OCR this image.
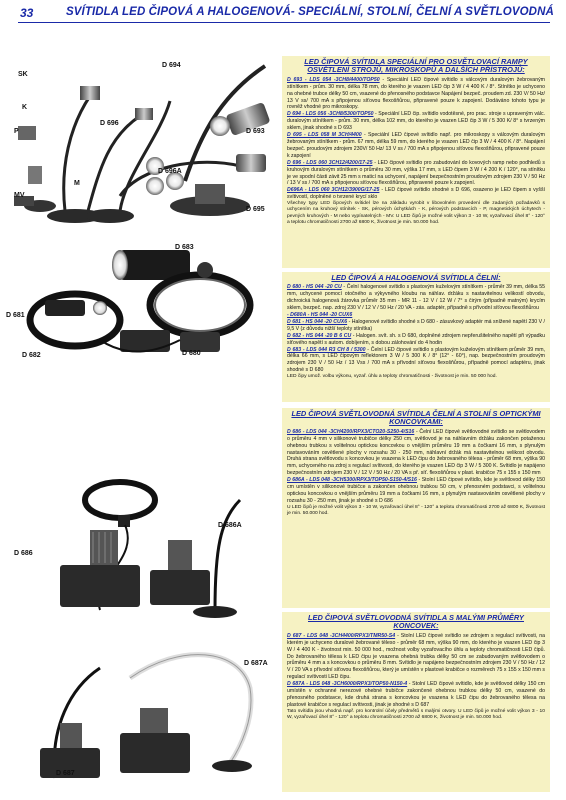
33	SVÍTIDLA LED ČIPOVÁ A HALOGENOVÁ- SPECIÁLNÍ, STOLNÍ, ČELNÍ A SVĚTLOVODNÁ
SK
D 694
K
D 696
P	D 693
D 696A
M
MV
D 695
D 683
D 681
D 682	D 680
D 686A
D 686
D 687A
D 687
LED ČIPOVÁ SVÍTIDLA SPECIÁLNÍ PRO OSVĚTLOVACÍ RAMPY OSVĚTLENÍ STROJŮ, MIKROSKOPŮ A DALŠÍCH PŘÍSTROJŮ:

D 693 - LDS 054 -3CH8/4400/TOP50 - Speciální LED čipové svítidlo s válcovým duralovým žebrovaným stínítkem - prům. 30 mm, délka 78 mm, do kterého je vsazen LED čip 3 W / 4 400 K / 8°. Stínítko je uchyceno na ohebné trubce délky 50 cm, vsazené do přenosného podstavce Napájení bezpeč. proudem zd. 230 V/ 50 Hz/ 13 V ss/ 700 mA s připojenou síťovou flexošňůrou, připravené pouze k zapojení. Dodáváno tohoto typu je rovněž vhodné pro mikroskopy.

D 694 - LDS 056 -3CH8/5300/TOP50 - Speciální LED čip. svítidlo vodotěsné, pro prac. stroje s upraveným válc. duralovým stínítkem - prům. 30 mm, délka 102 mm, do kterého je vsazen LED čip 3 W / 5 300 K/ 8° s tvrzeným sklem, jinak shodné s D 693

D 695 - LDS 058 M 3CH/4400 - Speciální LED čipové svítidlo např. pro mikroskopy s válcovým duralovým žebrovaným stínítkem - prům. 67 mm, délka 59 mm, do kterého je vsazen LED čip 3 W / 4 400 K / 8°. Napájení bezpeč. proudovým zdrojem 230V/ 50 Hz/ 13 V ss / 700 mA s připojenou síťovou flexošňůrou, připravené pouze k zapojení

D 696 - LDS 060 3CH12/4200/17-25 - LED čipové svítidlo pro zabudování do kovových ramp nebo podhledů s kruhovým duralovým stínítkem o průměru 30 mm, výška 17 mm, s LED čipem 3 W / 4 200 K / 120°, na stínítku je ve spodní části závit 25 mm s maticí na uchycení, napájení bezpečnostním proudovým zdrojem 230 V / 50 Hz / 13 V ss / 700 mA s připojenou síťovou flexošňůrou, připravené pouze k zapojení.

D696A - LDS 060 3CH12/3900G/17-25 - LED čipové svítidlo shodné s D 696, osazeno je LED čipem s vyšší svítivostí, doplněné o tvrzené krycí sklo

Všechny typy LED čipových svítidel lze na základu vyrobit v libovolném provedení dle zadaných požadavků s uchycením na kruhový stínítek - SK, pérových úchytkách - K, pérových podstavcích - P, magnetických úchytech - pevných kruhových - M nebo vypínatelných - MV. U LED čipů je možné volit výkon 3 - 10 W, vyzařovací úhel 8° - 120° a teplotu chromatičnosti 2700 až 6800 K, životnost je min. 50.000 hod.

LED ČIPOVÁ A HALOGENOVÁ SVÍTIDLA ČELNÍ:

D 680 - HS 044 -20 CU - Čelní halogenové svítidlo s plastovým kuželovým stínítkem - průměr 39 mm, délka 55 mm, uchycené pomocí otočného a výkyvného kloubu na náhlav. držáku s nastavitelnou velikostí obvodu, dichroická halogenová žárovka průměr 35 mm - MR 11 - 12 V / 12 W / 7° s čirým (případně matným) krycím sklem, bezpeč. nap. zdroj 230 V / 12 V / 50 Hz / 20 VA - zás. adaptér, případně s přívodní síťovou flexošňůrou

- D680A - HS 044 -20 CUX6

D 681 - HS 044 -20 CUX6 - Halogenové svítidlo shodné s D 680 - zásuvkový adaptér má snížené napětí 230 V / 9,5 V (z důvodu nižší teploty stínítka)

D 682 - HS 044 -20 B 6 CU - Halogen. svít. sh. s D 680, doplněné zdrojem nepřerušitelného napětí při výpadku síťového napětí s autom. dobíjením, s dobou zálohování do 4 hodin

D 683 - LDS 044 R3 CH 8 / 5300 - Čelní LED čipové svítidlo s plastovým kuželovým stínítkem průměr 39 mm, délka 66 mm, s LED čipovým reflektorem 3 W / 5 300 K / 8° (12° - 60°), nap. bezpečnostním proudovým zdrojem 230 V / 50 Hz / 13 Vss / 700 mA s přívodní síťovou flexošňůrou, případně pomocí adaptéru, jinak shodné s D 680

LED čipy umož. volbu výkonu, vyzař. úhlu a teploty chromatičnosti - životnost je min. 50 000 hod.

LED ČIPOVÁ SVĚTLOVODNÁ SVÍTIDLA ČELNÍ A STOLNÍ S OPTICKÝMI KONCOVKAMI:

D 686 - LDS 044 -3CH4200/RPX3/CTO20-S250-4/S16 - Čelní LED čipové světlovodné svítidlo se světlovodem o průměru 4 mm v silikonové trubičce délky 250 cm, světlovod je na náhlavním držáku zakončen potaženou ohebnou trubkou s volitelnou optickou koncovkou o vnějším průměru 19 mm a čočkami 16 mm, s plynulým nastavováním osvětlené plochy v rozsahu 30 - 250 mm, náhlavní držák má nastavitelnou velikost obvodu. Druhá strana světlovodu s koncovkou je vsazena k LED čipu do žebrovaného tělesa - průměr 68 mm, výška 90 mm, uchyceného na zdroj s regulací svítivosti, do kterého je vsazen LED čip 3 W / 5 300 K. Svítidlo je napájeno bezpečnostním zdrojem 230 V / 12 V / 50 Hz / 20 VA s př. síť. flexošňůrou v plast. krabičce 75 x 155 x 150 mm

D 686A - LDS 048 -3CH5300/RPX3/TOP50-S150-4/S16 - Stolní LED čipové svítidlo, kde je světlovod délky 150 cm umístěn v silikonové trubičce a zakončen ohebnou trubkou 50 cm, v přenosném podstavci, s volitelnou optickou koncovkou o vnějším průměru 19 mm a čočkami 16 mm, s plynulým nastavováním osvětlené plochy v rozsahu 30 - 250 mm, jinak je shodné s D 686

U LED čipů je možné volit výkon 3 - 10 W, vyzařovací úhel 8° - 120° a teplotu chromatičnosti 2700 až 6800 K, životnost je min. 50.000 hod.

LED ČIPOVÁ SVĚTLOVODNÁ SVÍTIDLA S MALÝMI PRŮMĚRY KONCOVEK:

D 687 - LDS 048 -3CH4400/RPX3/TMR50-S4 - Stolní LED čipové svítidlo se zdrojem s regulací svítivosti, na kterém je uchyceno duralové žebrované těleso - průměr 68 mm, výška 90 mm, do kterého je vsazen LED čip 3 W / 4 400 K - životnost min. 50 000 hod., možnost volby vyzařovacího úhlu a teploty chromatičnosti LED čipů. Do žebrovaného tělesa k LED čipu je vsazena ohebná trubka délky 50 cm se zabudovaným světlovodem o průměru 4 mm a s koncovkou o průměru 8 mm. Svítidlo je napájeno bezpečnostním zdrojem 230 V / 50 Hz / 12 V / 20 VA s přívodní síťovou flexošňůrou, který je umístěn v plastové krabičce o rozměrech 75 x 155 x 150 mm s regulací svítivosti LED čipu.

D 687A - LDS 048 -3CH6000/RPX3/TOP50-N150-4 - Stolní LED čipové svítidlo, kde je světlovod délky 150 cm umístěn v ochranné nerezové ohebné trubičce zakončené ohebnou trubkou délky 50 cm, vsazené do přenosného podstavce, kde druhá strana s koncovkou je vsazena k LED čipu do žebrovaného tělesa na plastové krabičce s regulací svítivosti, jinak je shodné s D 687

Tato svítidla jsou vhodná např. pro kontrolní účely předmětů s malými otvory. U LED čipů je možné volit výkon 3 - 10 W, vyzařovací úhel 8° - 120° a teplotu chromatičnosti 2700 až 6800 K, životnost je min. 50.000 hod.
